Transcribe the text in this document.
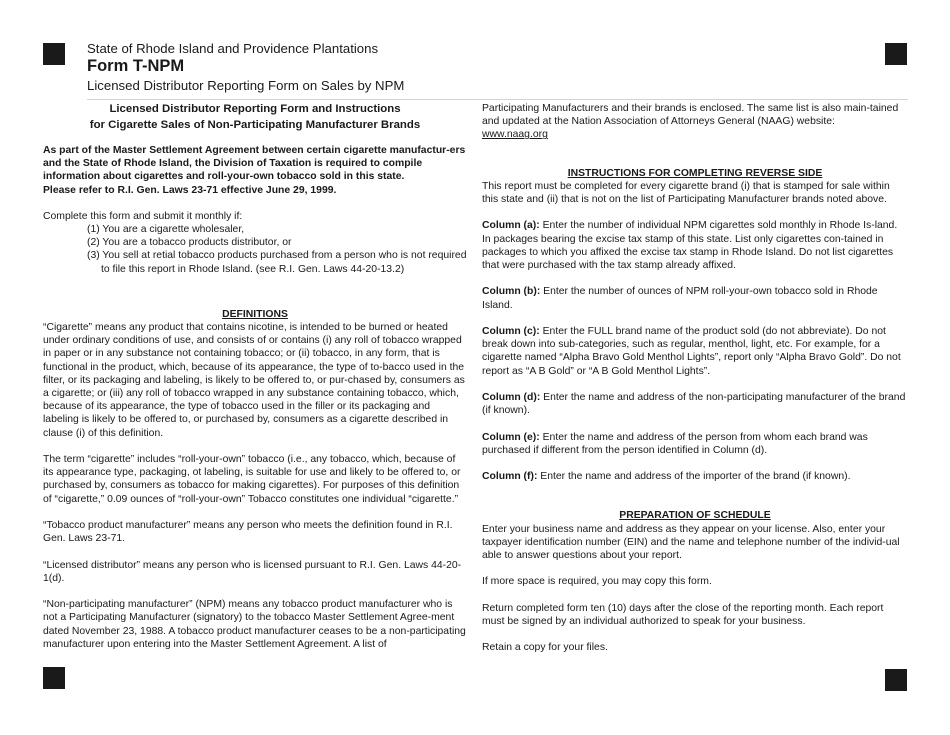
State of Rhode Island and Providence Plantations
Form T-NPM
Licensed Distributor Reporting Form on Sales by NPM
Licensed Distributor Reporting Form and Instructions
for Cigarette Sales of Non-Participating Manufacturer Brands

As part of the Master Settlement Agreement between certain cigarette manufactur-ers and the State of Rhode Island, the Division of Taxation is required to compile information about cigarettes and roll-your-own tobacco sold in this state.

Please refer to R.I. Gen. Laws 23-71 effective June 29, 1999.

Complete this form and submit it monthly if:

(1) You are a cigarette wholesaler,

(2) You are a tobacco products distributor, or

(3) You sell at retial tobacco products purchased from a person who is not required to file this report in Rhode Island. (see R.I. Gen. Laws 44-20-13.2)

DEFINITIONS

“Cigarette” means any product that contains nicotine, is intended to be burned or heated under ordinary conditions of use, and consists of or contains (i) any roll of tobacco wrapped in paper or in any substance not containing tobacco; or (ii) tobacco, in any form, that is functional in the product, which, because of its appearance, the type of to-bacco used in the filter, or its packaging and labeling, is likely to be offered to, or pur-chased by, consumers as a cigarette; or (iii) any roll of tobacco wrapped in any substance containing tobacco, which, because of its appearance, the type of tobacco used in the filler or its packaging and labeling is likely to be offered to, or purchased by, consumers as a cigarette described in clause (i) of this definition.

The term “cigarette” includes “roll-your-own” tobacco (i.e., any tobacco, which, because of its appearance type, packaging, ot labeling, is suitable for use and likely to be offered to, or purchased by, consumers as tobacco for making cigarettes). For purposes of this definition of “cigarette,” 0.09 ounces of “roll-your-own” Tobacco constitutes one individual “cigarette.”

“Tobacco product manufacturer” means any person who meets the definition found in R.I. Gen. Laws 23-71.

“Licensed distributor” means any person who is licensed pursuant to R.I. Gen. Laws 44-20-1(d).

“Non-participating manufacturer” (NPM) means any tobacco product manufacturer who is not a Participating Manufacturer (signatory) to the tobacco Master Settlement Agree-ment dated November 23, 1988. A tobacco product manufacturer ceases to be a non-participating manufacturer upon entering into the Master Settlement Agreement. A list of

Participating Manufacturers and their brands is enclosed. The same list is also main-tained and updated at the Nation Association of Attorneys General (NAAG) website:

www.naag.org

INSTRUCTIONS FOR COMPLETING REVERSE SIDE

This report must be completed for every cigarette brand (i) that is stamped for sale within this state and (ii) that is not on the list of Participating Manufacturer brands noted above.

Column (a): Enter the number of individual NPM cigarettes sold monthly in Rhode Is-land. In packages bearing the excise tax stamp of this state. List only cigarettes con-tained in packages to which you affixed the excise tax stamp in Rhode Island. Do not list cigarettes that were purchased with the tax stamp already affixed.

Column (b): Enter the number of ounces of NPM roll-your-own tobacco sold in Rhode Island.

Column (c): Enter the FULL brand name of the product sold (do not abbreviate). Do not break down into sub-categories, such as regular, menthol, light, etc. For example, for a cigarette named “Alpha Bravo Gold Menthol Lights”, report only “Alpha Bravo Gold”. Do not report as “A B Gold” or “A B Gold Menthol Lights”.

Column (d): Enter the name and address of the non-participating manufacturer of the brand (if known).

Column (e): Enter the name and address of the person from whom each brand was purchased if different from the person identified in Column (d).

Column (f): Enter the name and address of the importer of the brand (if known).

PREPARATION OF SCHEDULE

Enter your business name and address as they appear on your license. Also, enter your taxpayer identification number (EIN) and the name and telephone number of the individ-ual able to answer questions about your report.

If more space is required, you may copy this form.

Return completed form ten (10) days after the close of the reporting month. Each report must be signed by an individual authorized to speak for your business.

Retain a copy for your files.
